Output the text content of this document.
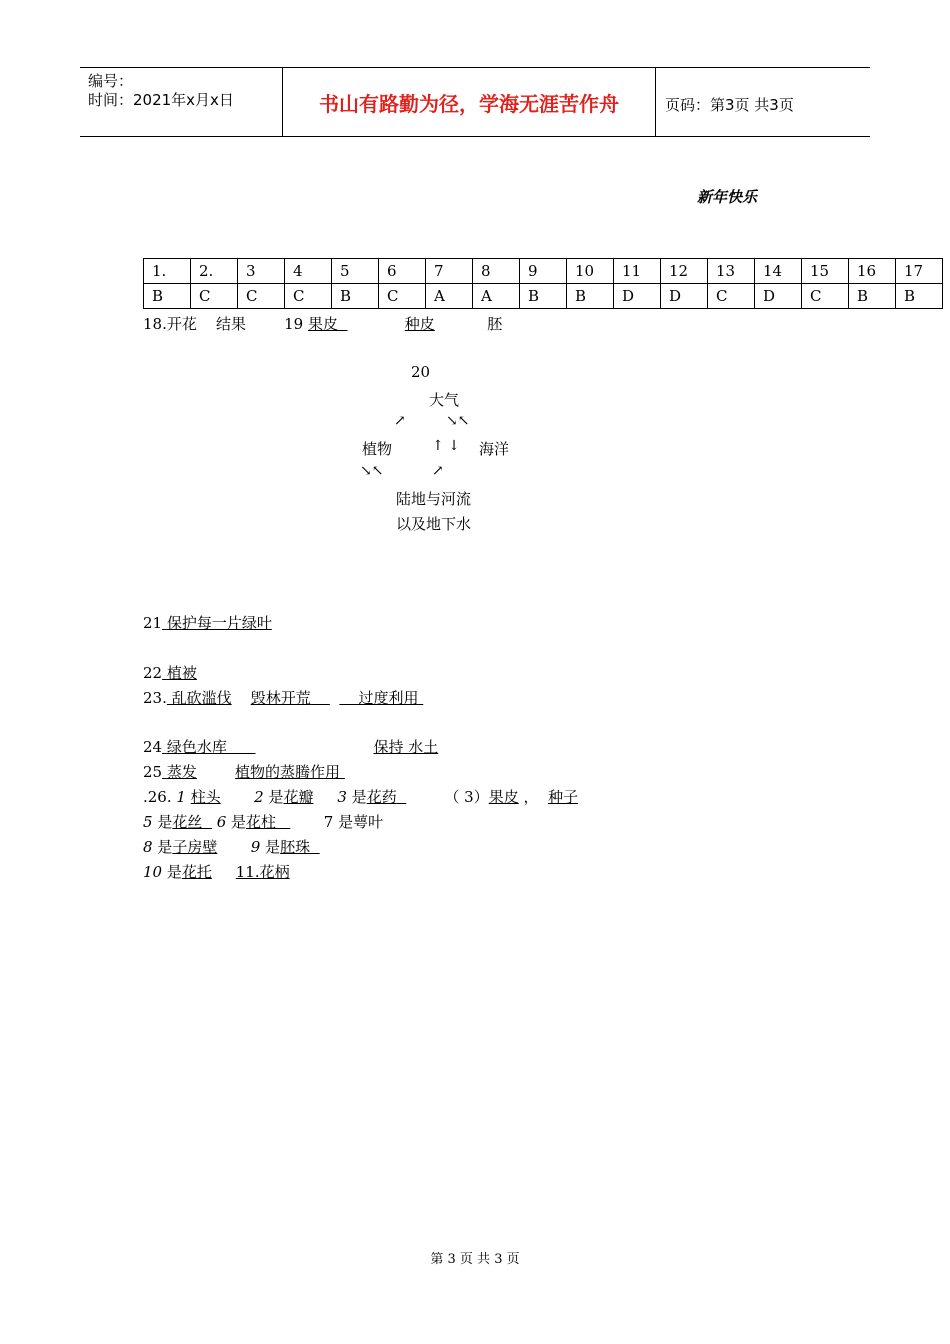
编号：
时间：2021年x月x日	书山有路勤为径，学海无涯苦作舟	页码：第3页 共3页
新年快乐
1.	2.	3	4	5	6	7	8	9	10	11	12	13	14	15	16	17
B	C	C	C	B	C	A	A	B	B	D	D	C	D	C	B	B
18.开花 结果	19 果皮	种皮	胚
20
大气
↗	↘↖
植物	↑ ↓ 海洋
↘↖	↗
陆地与河流
以及地下水
21 保护每一片绿叶
22 植被
23. 乱砍滥伐 毁林开荒	过度利用
24 绿色水库	保持 水土
25 蒸发	植物的蒸腾作用
.26. 1 柱头 2 是花瓣 3 是花药	（ 3）果皮 ， 种子
5 是花丝 6 是花柱	7 是萼叶
8 是子房壁 9 是胚珠
10 是花托 11.花柄
第 3 页 共 3 页
